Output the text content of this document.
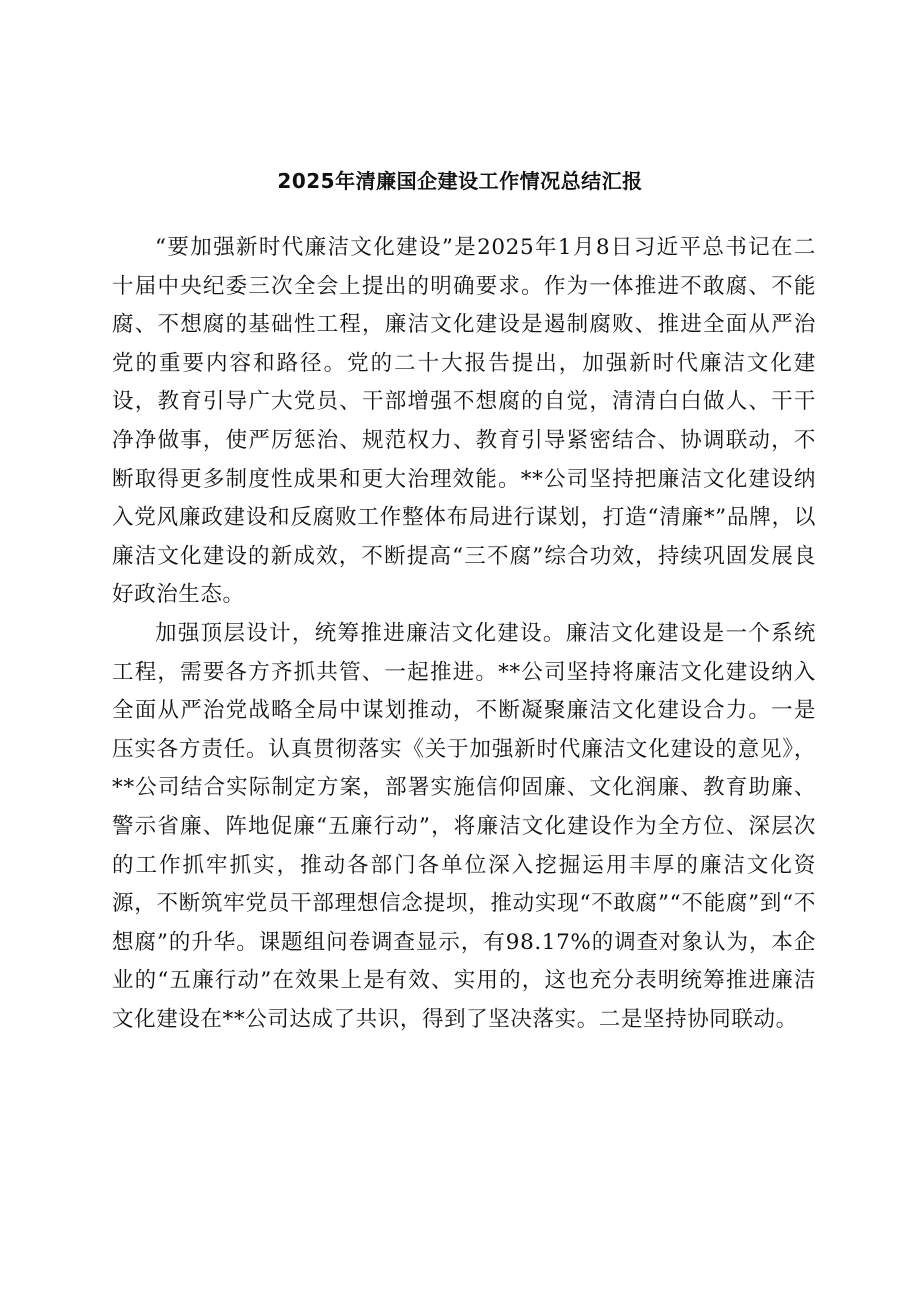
2025年清廉国企建设工作情况总结汇报

“要加强新时代廉洁文化建设”是2025年1月8日习近平总书记在二十届中央纪委三次全会上提出的明确要求。作为一体推进不敢腐、不能腐、不想腐的基础性工程，廉洁文化建设是遏制腐败、推进全面从严治党的重要内容和路径。党的二十大报告提出，加强新时代廉洁文化建设，教育引导广大党员、干部增强不想腐的自觉，清清白白做人、干干净净做事，使严厉惩治、规范权力、教育引导紧密结合、协调联动，不断取得更多制度性成果和更大治理效能。**公司坚持把廉洁文化建设纳入党风廉政建设和反腐败工作整体布局进行谋划，打造“清廉*”品牌，以廉洁文化建设的新成效，不断提高“三不腐”综合功效，持续巩固发展良好政治生态。

加强顶层设计，统筹推进廉洁文化建设。廉洁文化建设是一个系统工程，需要各方齐抓共管、一起推进。**公司坚持将廉洁文化建设纳入全面从严治党战略全局中谋划推动，不断凝聚廉洁文化建设合力。一是压实各方责任。认真贯彻落实《关于加强新时代廉洁文化建设的意见》，**公司结合实际制定方案，部署实施信仰固廉、文化润廉、教育助廉、警示省廉、阵地促廉“五廉行动”，将廉洁文化建设作为全方位、深层次的工作抓牢抓实，推动各部门各单位深入挖掘运用丰厚的廉洁文化资源，不断筑牢党员干部理想信念提坝，推动实现“不敢腐”“不能腐”到“不想腐”的升华。课题组问卷调查显示，有98.17%的调查对象认为，本企业的“五廉行动”在效果上是有效、实用的，这也充分表明统筹推进廉洁文化建设在**公司达成了共识，得到了坚决落实。二是坚持协同联动。
